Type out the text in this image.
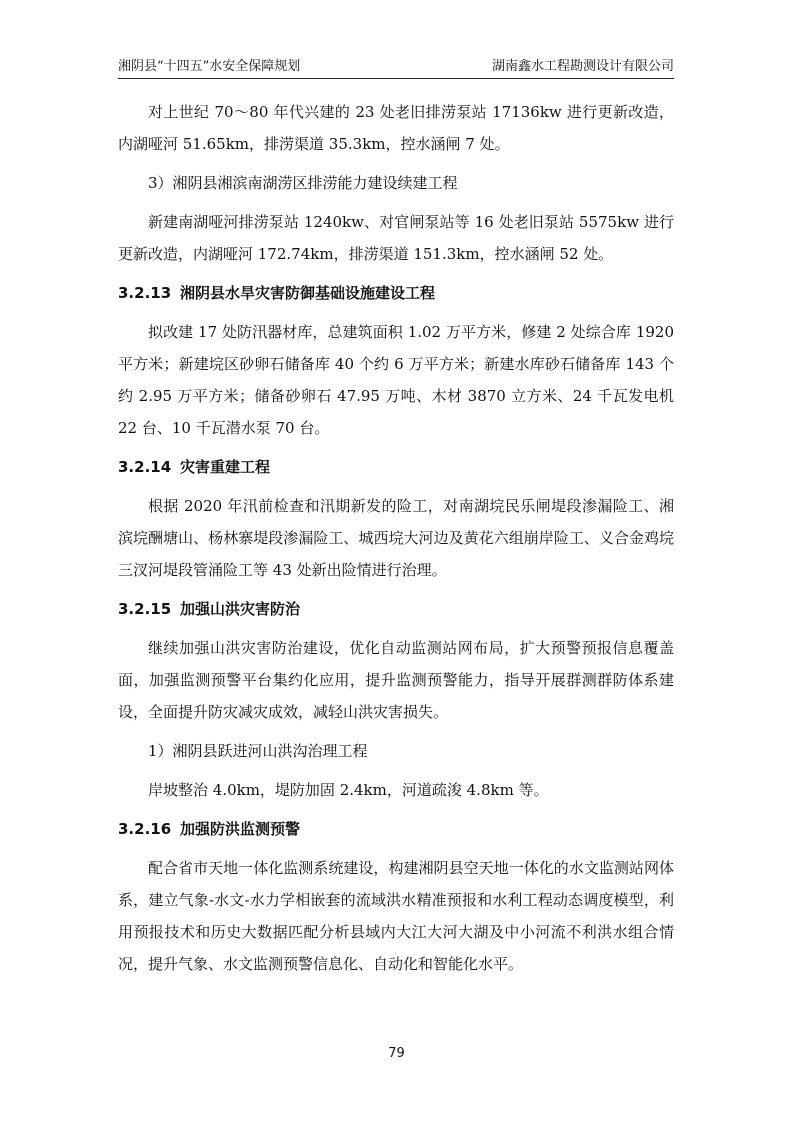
湘阴县“十四五”水安全保障规划	湖南鑫水工程勘测设计有限公司

对上世纪 70～80 年代兴建的 23 处老旧排涝泵站 17136kw 进行更新改造，内湖哑河 51.65km，排涝渠道 35.3km，控水涵闸 7 处。

3）湘阴县湘滨南湖涝区排涝能力建设续建工程

新建南湖哑河排涝泵站 1240kw、对官闸泵站等 16 处老旧泵站 5575kw 进行更新改造，内湖哑河 172.74km，排涝渠道 151.3km，控水涵闸 52 处。

3.2.13 湘阴县水旱灾害防御基础设施建设工程

拟改建 17 处防汛器材库，总建筑面积 1.02 万平方米，修建 2 处综合库 1920 平方米；新建垸区砂卵石储备库 40 个约 6 万平方米；新建水库砂石储备库 143 个约 2.95 万平方米；储备砂卵石 47.95 万吨、木材 3870 立方米、24 千瓦发电机 22 台、10 千瓦潜水泵 70 台。

3.2.14 灾害重建工程

根据 2020 年汛前检查和汛期新发的险工，对南湖垸民乐闸堤段渗漏险工、湘滨垸酬塘山、杨林寨堤段渗漏险工、城西垸大河边及黄花六组崩岸险工、义合金鸡垸三汊河堤段管涌险工等 43 处新出险情进行治理。

3.2.15 加强山洪灾害防治

继续加强山洪灾害防治建设，优化自动监测站网布局，扩大预警预报信息覆盖面，加强监测预警平台集约化应用，提升监测预警能力，指导开展群测群防体系建设，全面提升防灾减灾成效，减轻山洪灾害损失。

1）湘阴县跃进河山洪沟治理工程

岸坡整治 4.0km，堤防加固 2.4km，河道疏浚 4.8km 等。

3.2.16 加强防洪监测预警

配合省市天地一体化监测系统建设，构建湘阴县空天地一体化的水文监测站网体系，建立气象-水文-水力学相嵌套的流域洪水精准预报和水利工程动态调度模型，利用预报技术和历史大数据匹配分析县域内大江大河大湖及中小河流不利洪水组合情况，提升气象、水文监测预警信息化、自动化和智能化水平。

79
